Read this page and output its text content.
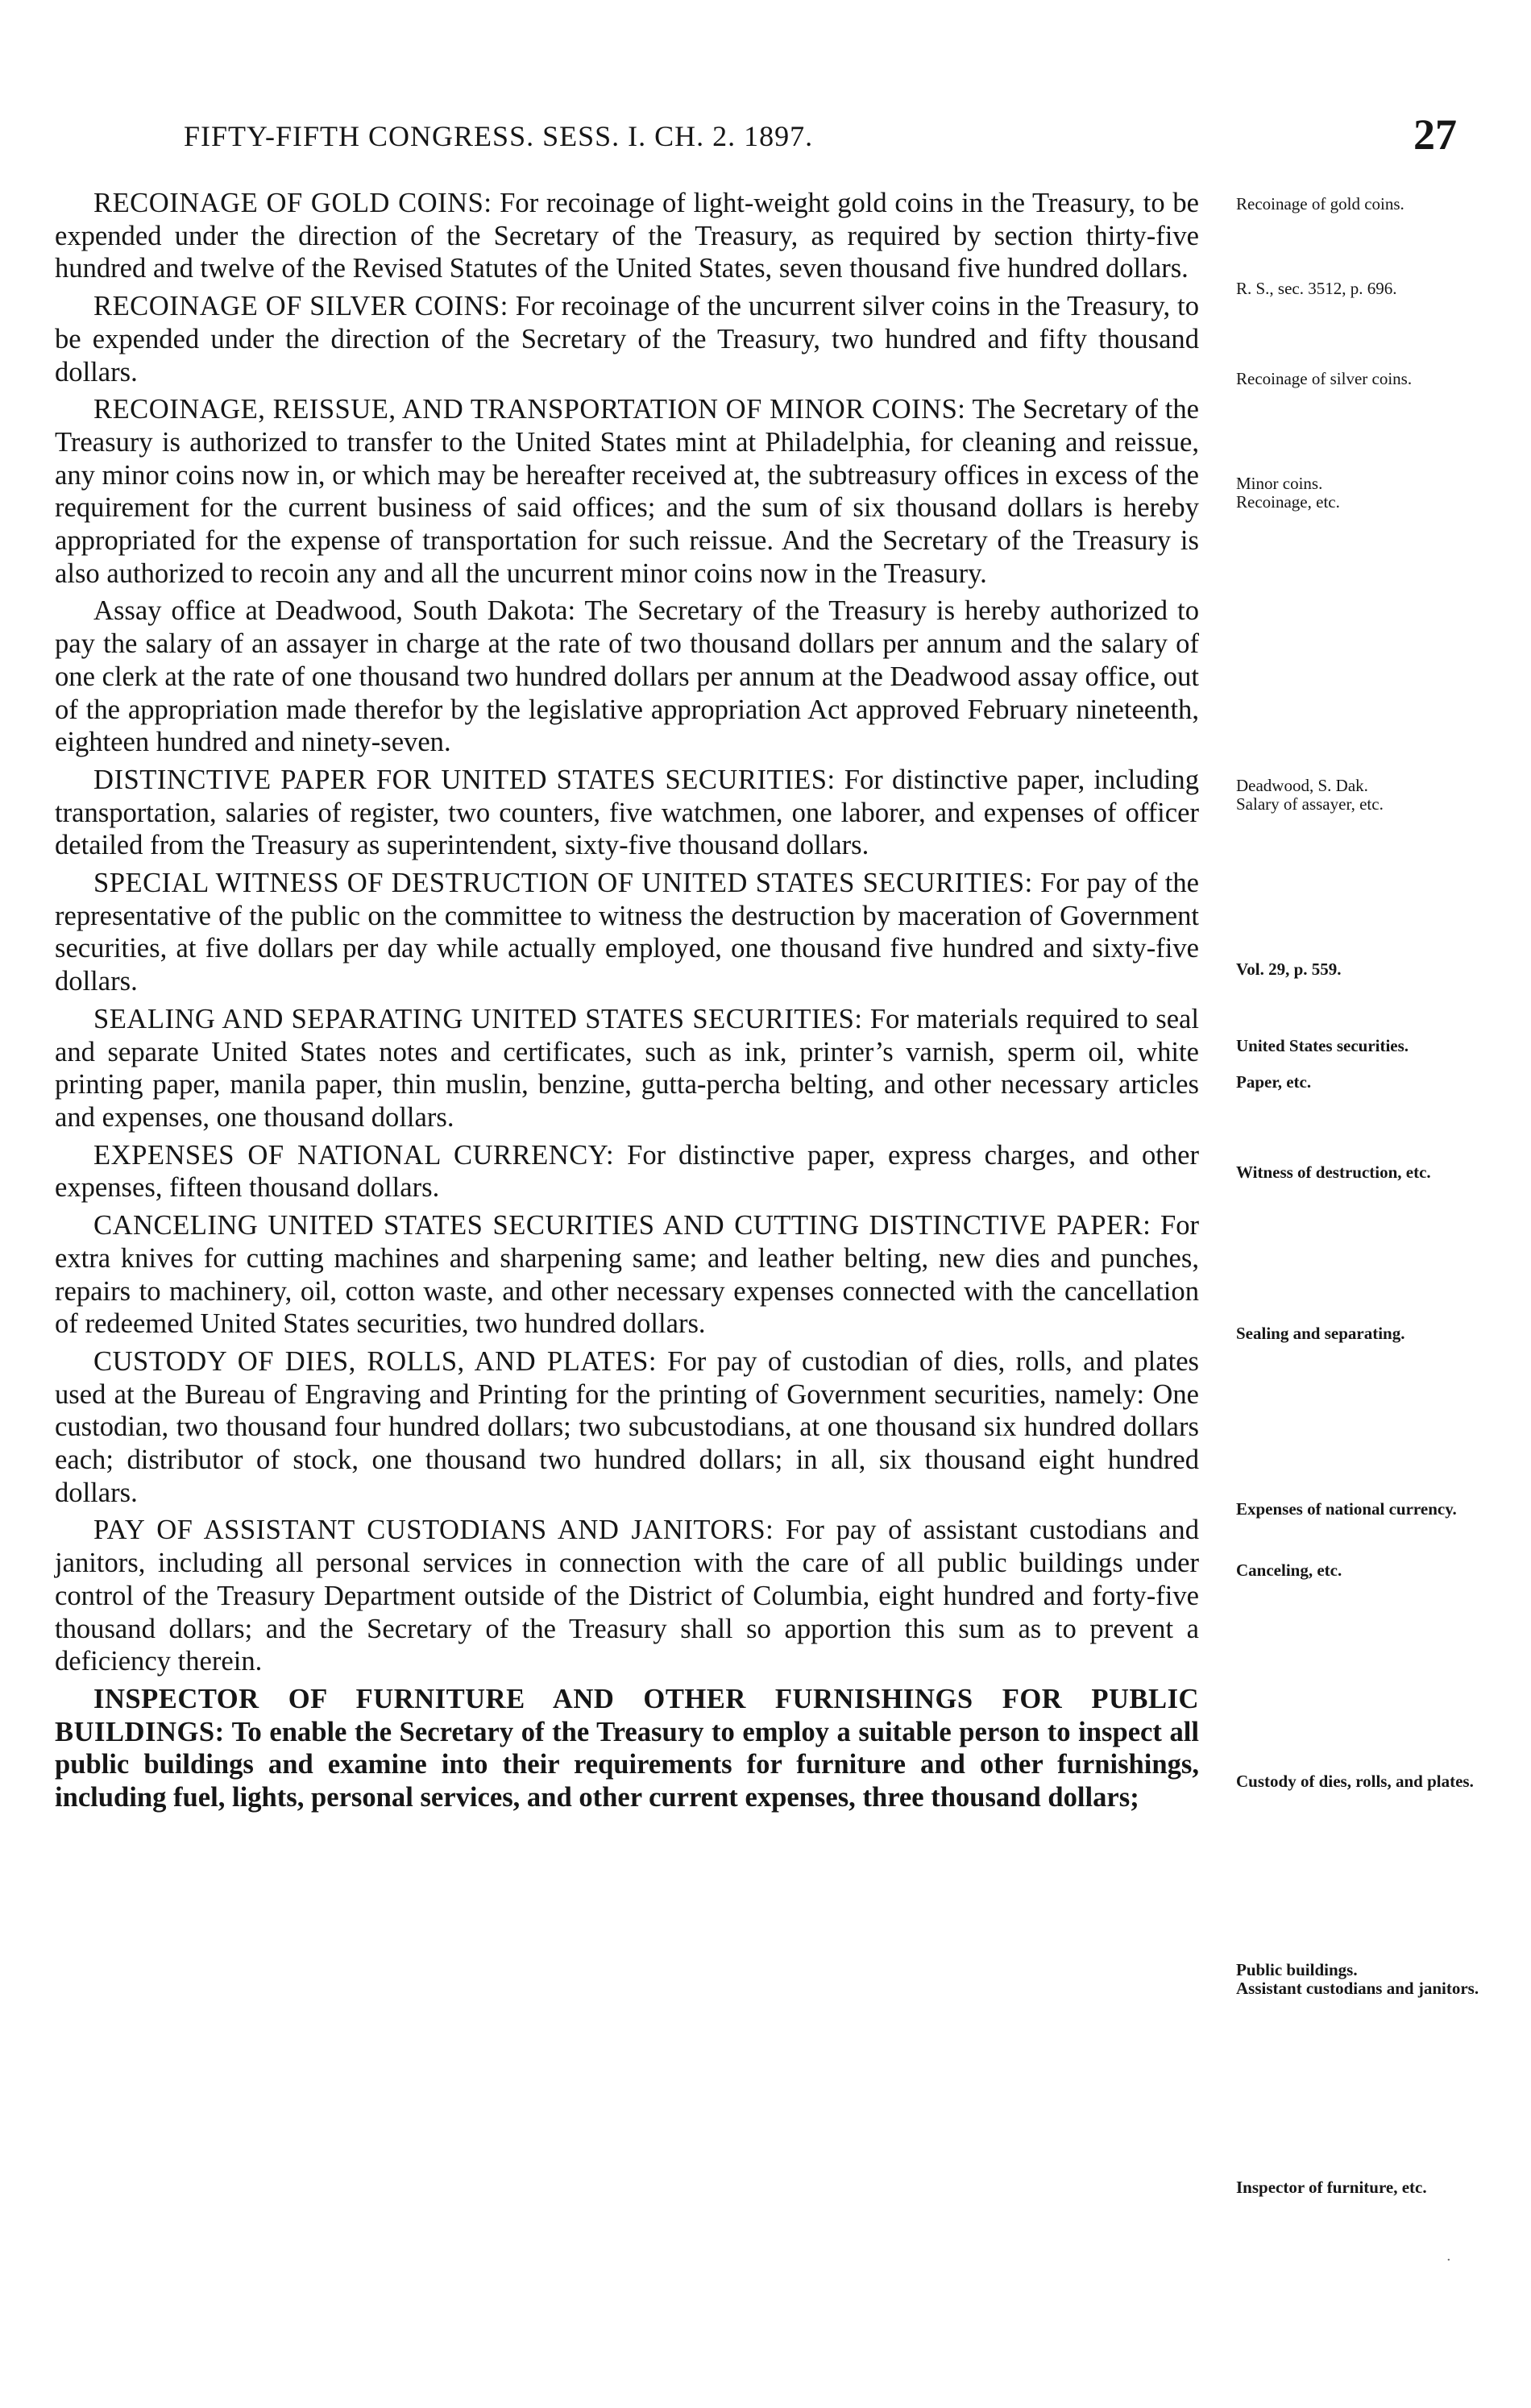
FIFTY-FIFTH CONGRESS. SESS. I. CH. 2. 1897.	27

RECOINAGE OF GOLD COINS: For recoinage of light-weight gold coins in the Treasury, to be expended under the direction of the Secretary of the Treasury, as required by section thirty-five hundred and twelve of the Revised Statutes of the United States, seven thousand five hundred dollars.

RECOINAGE OF SILVER COINS: For recoinage of the uncurrent silver coins in the Treasury, to be expended under the direction of the Secretary of the Treasury, two hundred and fifty thousand dollars.

RECOINAGE, REISSUE, AND TRANSPORTATION OF MINOR COINS: The Secretary of the Treasury is authorized to transfer to the United States mint at Philadelphia, for cleaning and reissue, any minor coins now in, or which may be hereafter received at, the subtreasury offices in excess of the requirement for the current business of said offices; and the sum of six thousand dollars is hereby appropriated for the expense of transportation for such reissue. And the Secretary of the Treasury is also authorized to recoin any and all the uncurrent minor coins now in the Treasury.

Assay office at Deadwood, South Dakota: The Secretary of the Treasury is hereby authorized to pay the salary of an assayer in charge at the rate of two thousand dollars per annum and the salary of one clerk at the rate of one thousand two hundred dollars per annum at the Deadwood assay office, out of the appropriation made therefor by the legislative appropriation Act approved February nineteenth, eighteen hundred and ninety-seven.

DISTINCTIVE PAPER FOR UNITED STATES SECURITIES: For distinctive paper, including transportation, salaries of register, two counters, five watchmen, one laborer, and expenses of officer detailed from the Treasury as superintendent, sixty-five thousand dollars.

SPECIAL WITNESS OF DESTRUCTION OF UNITED STATES SECURITIES: For pay of the representative of the public on the committee to witness the destruction by maceration of Government securities, at five dollars per day while actually employed, one thousand five hundred and sixty-five dollars.

SEALING AND SEPARATING UNITED STATES SECURITIES: For materials required to seal and separate United States notes and certificates, such as ink, printer’s varnish, sperm oil, white printing paper, manila paper, thin muslin, benzine, gutta-percha belting, and other necessary articles and expenses, one thousand dollars.

EXPENSES OF NATIONAL CURRENCY: For distinctive paper, express charges, and other expenses, fifteen thousand dollars.

CANCELING UNITED STATES SECURITIES AND CUTTING DISTINCTIVE PAPER: For extra knives for cutting machines and sharpening same; and leather belting, new dies and punches, repairs to machinery, oil, cotton waste, and other necessary expenses connected with the cancellation of redeemed United States securities, two hundred dollars.

CUSTODY OF DIES, ROLLS, AND PLATES: For pay of custodian of dies, rolls, and plates used at the Bureau of Engraving and Printing for the printing of Government securities, namely: One custodian, two thousand four hundred dollars; two subcustodians, at one thousand six hundred dollars each; distributor of stock, one thousand two hundred dollars; in all, six thousand eight hundred dollars.

PAY OF ASSISTANT CUSTODIANS AND JANITORS: For pay of assistant custodians and janitors, including all personal services in connection with the care of all public buildings under control of the Treasury Department outside of the District of Columbia, eight hundred and forty-five thousand dollars; and the Secretary of the Treasury shall so apportion this sum as to prevent a deficiency therein.

INSPECTOR OF FURNITURE AND OTHER FURNISHINGS FOR PUBLIC BUILDINGS: To enable the Secretary of the Treasury to employ a suitable person to inspect all public buildings and examine into their requirements for furniture and other furnishings, including fuel, lights, personal services, and other current expenses, three thousand dollars;

Recoinage of gold coins.
R. S., sec. 3512, p. 696.
Recoinage of silver coins.
Minor coins.
Recoinage, etc.
Deadwood, S. Dak.
Salary of assayer, etc.
Vol. 29, p. 559.
United States securities.
Paper, etc.
Witness of destruction, etc.
Sealing and separating.
Expenses of national currency.
Canceling, etc.
Custody of dies, rolls, and plates.
Public buildings.
Assistant custodians and janitors.
Inspector of furniture, etc.
·
